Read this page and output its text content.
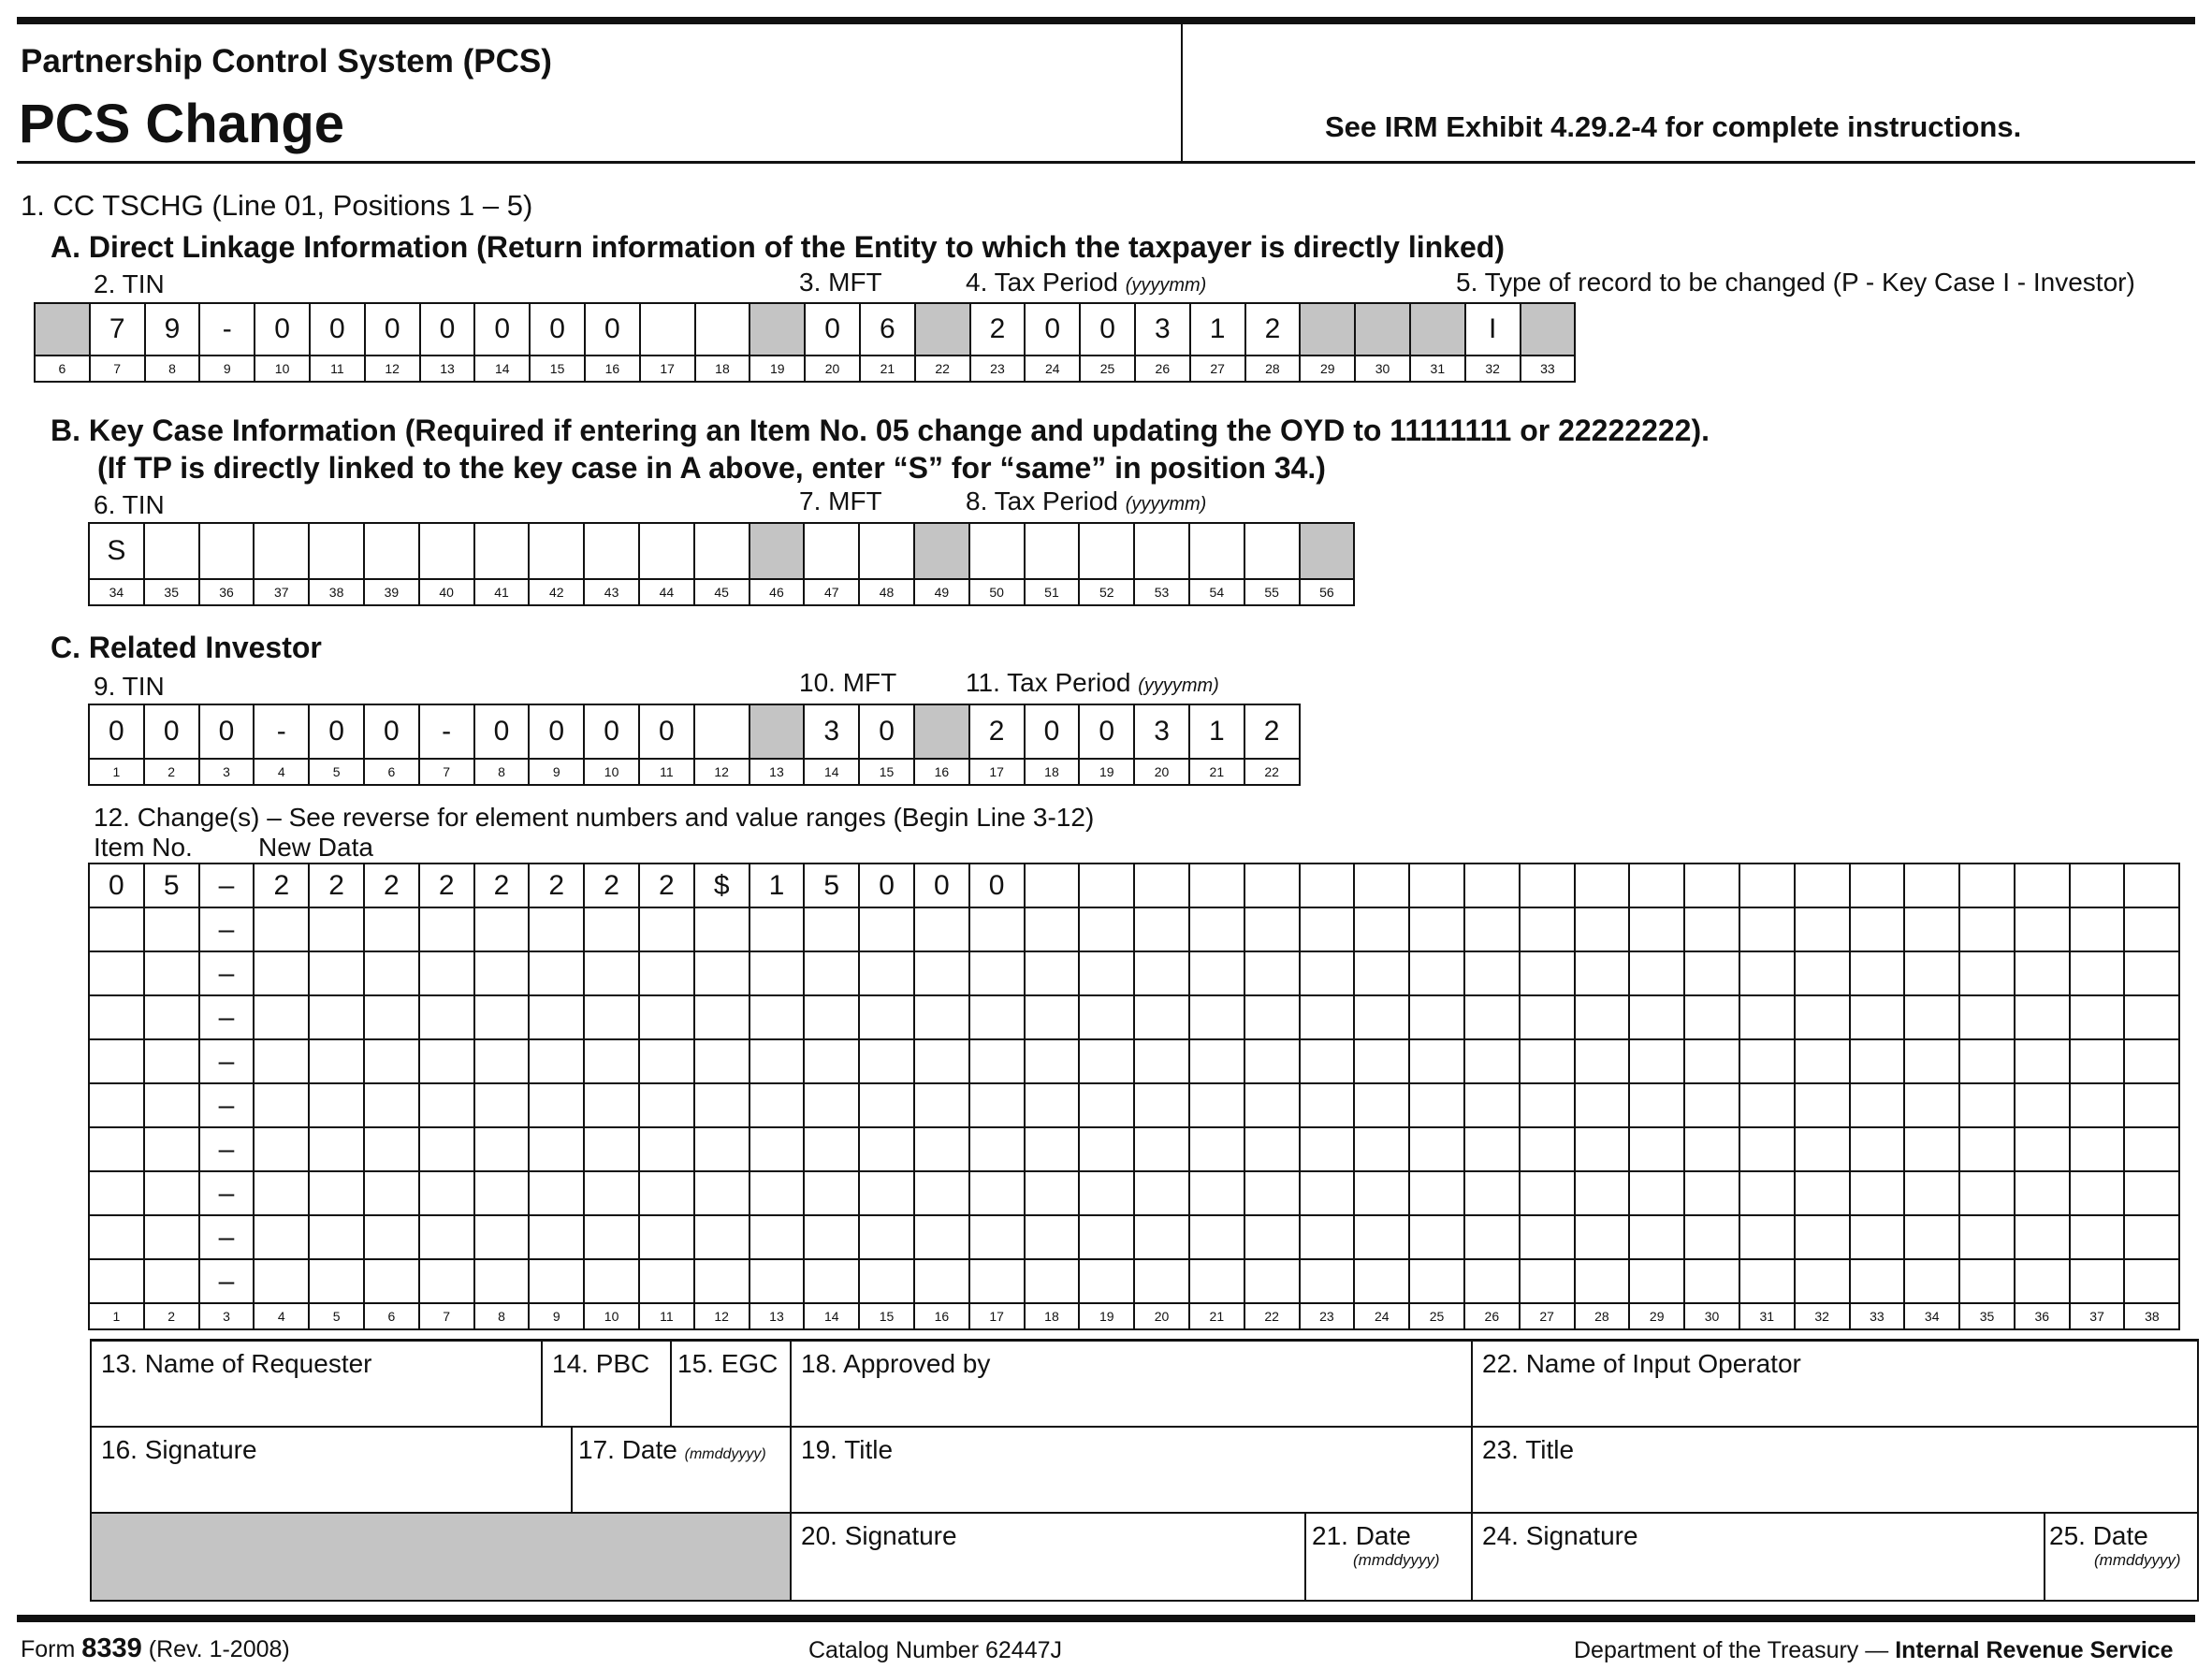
Partnership Control System (PCS)
PCS Change	See IRM Exhibit 4.29.2-4 for complete instructions.
1. CC TSCHG (Line 01, Positions 1 – 5)
A. Direct Linkage Information (Return information of the Entity to which the taxpayer is directly linked)
2. TIN	3. MFT	4. Tax Period (yyyymm)	5. Type of record to be changed (P - Key Case I - Investor)
	7	9	-	0	0	0	0	0	0	0				0	6		2	0	0	3	1	2				I	
6	7	8	9	10	11	12	13	14	15	16	17	18	19	20	21	22	23	24	25	26	27	28	29	30	31	32	33
B. Key Case Information (Required if entering an Item No. 05 change and updating the OYD to 11111111 or 22222222).
(If TP is directly linked to the key case in A above, enter “S” for “same” in position 34.)
6. TIN	7. MFT	8. Tax Period (yyyymm)
S																						
34	35	36	37	38	39	40	41	42	43	44	45	46	47	48	49	50	51	52	53	54	55	56
C. Related Investor
9. TIN	10. MFT	11. Tax Period (yyyymm)
0	0	0	-	0	0	-	0	0	0	0			3	0		2	0	0	3	1	2
1	2	3	4	5	6	7	8	9	10	11	12	13	14	15	16	17	18	19	20	21	22
12. Change(s) – See reverse for element numbers and value ranges (Begin Line 3-12)
Item No.	New Data
0	5	–	2	2	2	2	2	2	2	2	$	1	5	0	0	0																					
		–																																			
		–																																			
		–																																			
		–																																			
		–																																			
		–																																			
		–																																			
		–																																			
		–																																			
1	2	3	4	5	6	7	8	9	10	11	12	13	14	15	16	17	18	19	20	21	22	23	24	25	26	27	28	29	30	31	32	33	34	35	36	37	38
13. Name of Requester	14. PBC 15. EGC 18. Approved by	22. Name of Input Operator
16. Signature	17. Date (mmddyyyy) 19. Title	23. Title
20. Signature	21. Date
(mmddyyyy)
24. Signature	25. Date
(mmddyyyy)
Form 8339 (Rev. 1-2008)	Catalog Number 62447J	Department of the Treasury — Internal Revenue Service
